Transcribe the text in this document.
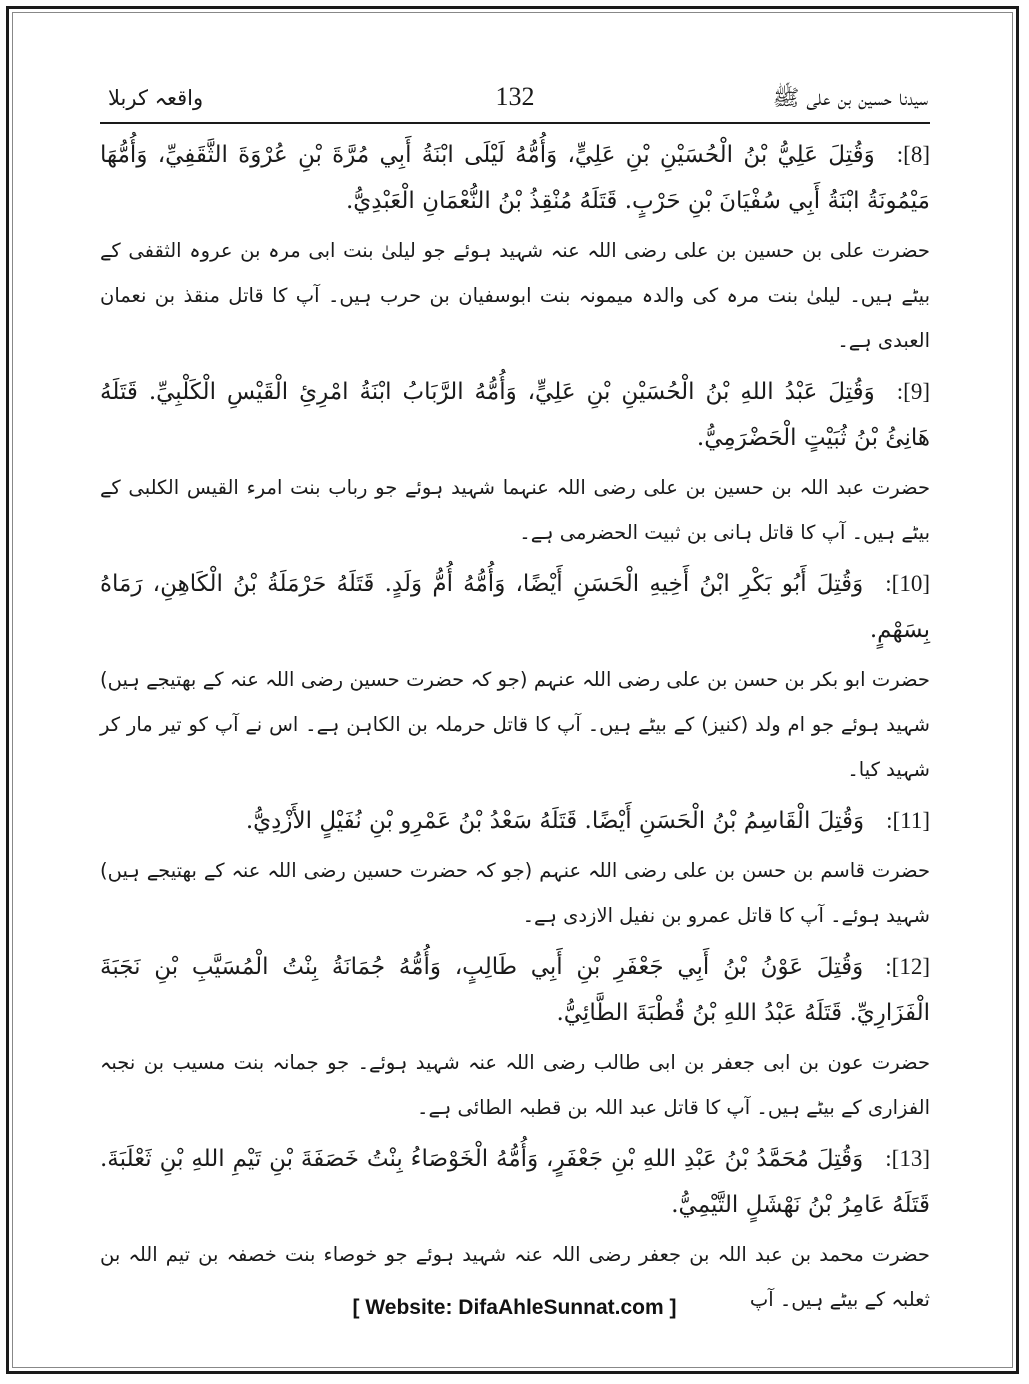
سیدنا حسین بن علی ﷺ
132
واقعہ کربلا

[8]:وَقُتِلَ عَلِيُّ بْنُ الْحُسَيْنِ بْنِ عَلِيٍّ، وَأُمُّهُ لَيْلَى ابْنَةُ أَبِي مُرَّةَ بْنِ عُرْوَةَ الثَّقَفِيِّ، وَأُمُّهَا مَيْمُونَةُ ابْنَةُ أَبِي سُفْيَانَ بْنِ حَرْبٍ. قَتَلَهُ مُنْقِذُ بْنُ النُّعْمَانِ الْعَبْدِيُّ.

حضرت علی بن حسین بن علی رضی اللہ عنہ شہید ہوئے جو لیلیٰ بنت ابی مرہ بن عروہ الثقفی کے بیٹے ہیں۔ لیلیٰ بنت مرہ کی والدہ میمونہ بنت ابوسفیان بن حرب ہیں۔ آپ کا قاتل منقذ بن نعمان العبدی ہے۔

[9]:وَقُتِلَ عَبْدُ اللهِ بْنُ الْحُسَيْنِ بْنِ عَلِيٍّ، وَأُمُّهُ الرَّبَابُ ابْنَةُ امْرِئِ الْقَيْسِ الْكَلْبِيِّ. قَتَلَهُ هَانِئُ بْنُ ثُبَيْتٍ الْحَضْرَمِيُّ.

حضرت عبد اللہ بن حسین بن علی رضی اللہ عنہما شہید ہوئے جو رباب بنت امرء القیس الکلبی کے بیٹے ہیں۔ آپ کا قاتل ہانی بن ثبیت الحضرمی ہے۔

[10]:وَقُتِلَ أَبُو بَكْرِ ابْنُ أَخِيهِ الْحَسَنِ أَيْضًا، وَأُمُّهُ أُمُّ وَلَدٍ. قَتَلَهُ حَرْمَلَةُ بْنُ الْكَاهِنِ، رَمَاهُ بِسَهْمٍ.

حضرت ابو بکر بن حسن بن علی رضی اللہ عنہم (جو کہ حضرت حسین رضی اللہ عنہ کے بھتیجے ہیں) شہید ہوئے جو ام ولد (کنیز) کے بیٹے ہیں۔ آپ کا قاتل حرملہ بن الکاہن ہے۔ اس نے آپ کو تیر مار کر شہید کیا۔

[11]:وَقُتِلَ الْقَاسِمُ بْنُ الْحَسَنِ أَيْضًا. قَتَلَهُ سَعْدُ بْنُ عَمْرِو بْنِ نُفَيْلٍ الأَزْدِيُّ.

حضرت قاسم بن حسن بن علی رضی اللہ عنہم (جو کہ حضرت حسین رضی اللہ عنہ کے بھتیجے ہیں) شہید ہوئے۔ آپ کا قاتل عمرو بن نفیل الازدی ہے۔

[12]:وَقُتِلَ عَوْنُ بْنُ أَبِي جَعْفَرِ بْنِ أَبِي طَالِبٍ، وَأُمُّهُ جُمَانَةُ بِنْتُ الْمُسَيَّبِ بْنِ نَجَبَةَ الْفَزَارِيِّ. قَتَلَهُ عَبْدُ اللهِ بْنُ قُطْبَةَ الطَّائِيُّ.

حضرت عون بن ابی جعفر بن ابی طالب رضی اللہ عنہ شہید ہوئے۔ جو جمانہ بنت مسیب بن نجبہ الفزاری کے بیٹے ہیں۔ آپ کا قاتل عبد اللہ بن قطبہ الطائی ہے۔

[13]:وَقُتِلَ مُحَمَّدُ بْنُ عَبْدِ اللهِ بْنِ جَعْفَرٍ، وَأُمُّهُ الْخَوْصَاءُ بِنْتُ خَصَفَةَ بْنِ تَيْمِ اللهِ بْنِ ثَعْلَبَةَ. قَتَلَهُ عَامِرُ بْنُ نَهْشَلٍ التَّيْمِيُّ.

حضرت محمد بن عبد اللہ بن جعفر رضی اللہ عنہ شہید ہوئے جو خوصاء بنت خصفہ بن تیم اللہ بن ثعلبہ کے بیٹے ہیں۔ آپ

[ Website: DifaAhleSunnat.com ]
